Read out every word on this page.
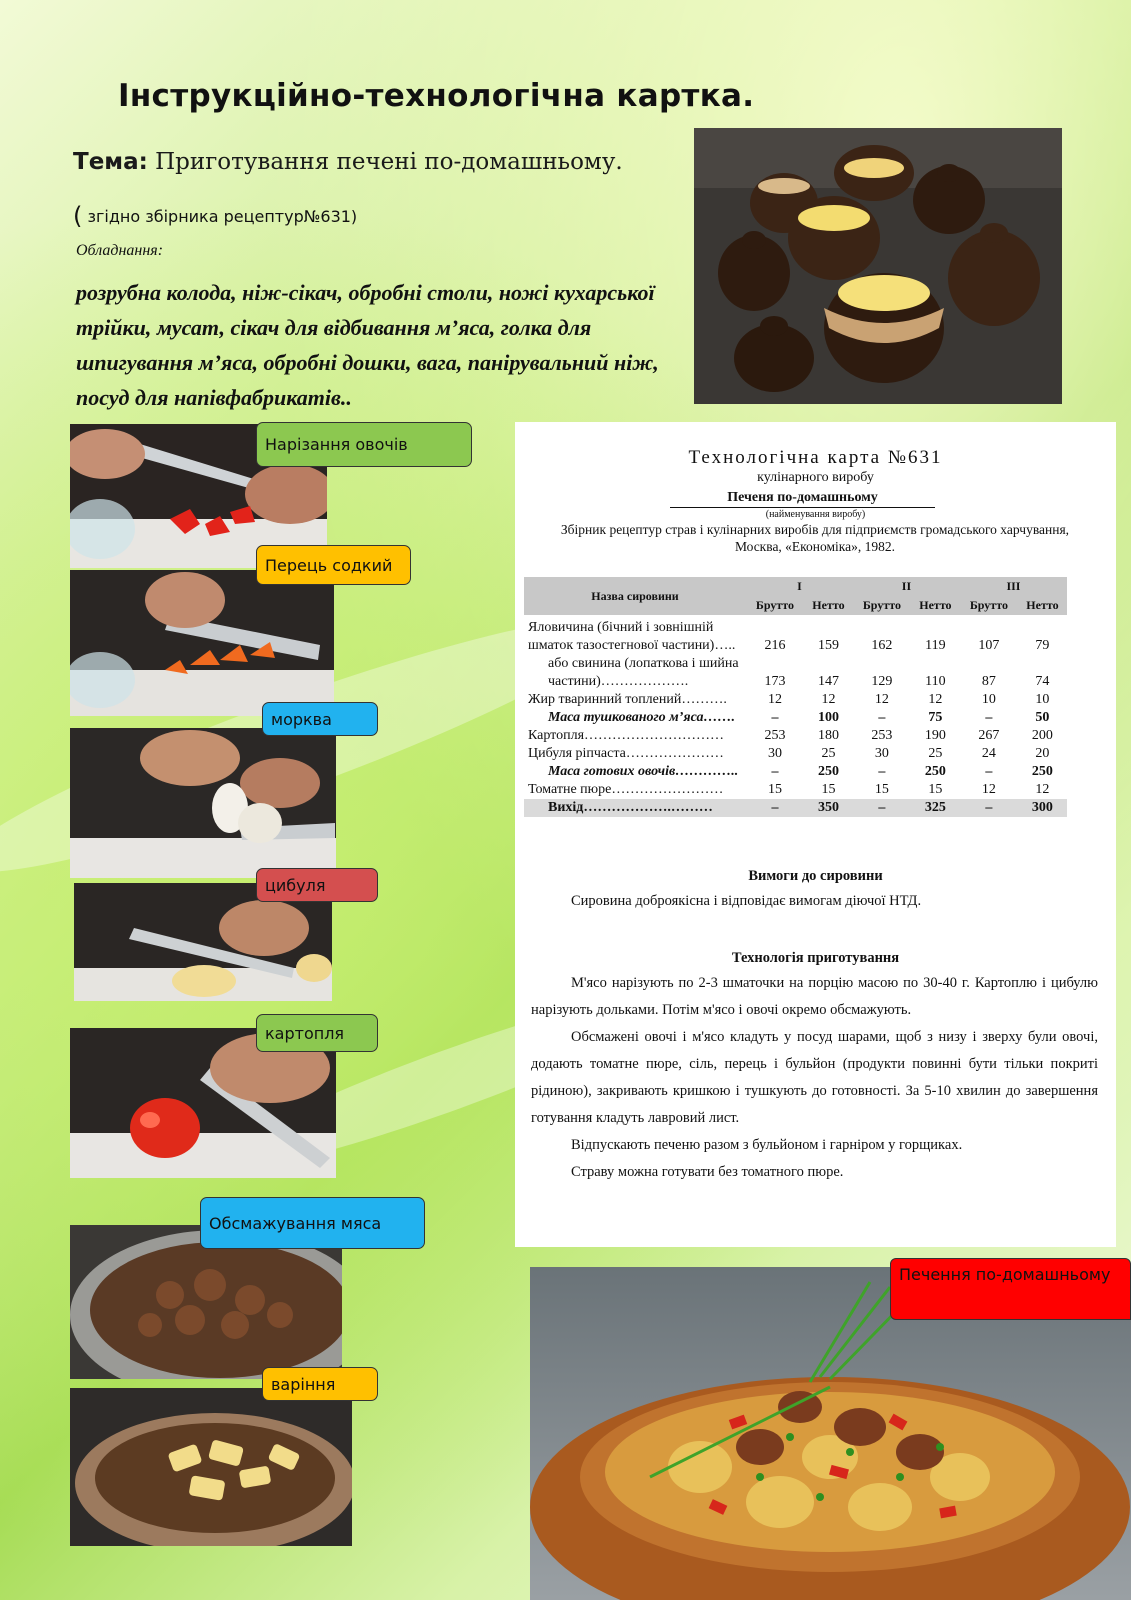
Інструкційно-технологічна картка.
Тема: Приготування печені по-домашньому.
( згідно збірника рецептур№631)
Обладнання:
розрубна колода, ніж-сікач, обробні столи, ножі кухарської трійки, мусат, сікач для відбивання м’яса, голка для шпигування м’яса, обробні дошки, вага, панірувальний ніж, посуд для напівфабрикатів..
Нарізання овочів
Перець содкий
морква
цибуля
картопля
Обсмажування мяса
варіння
Технологічна карта №631
кулінарного виробу
Печеня по-домашньому
(найменування виробу)
Збірник рецептур страв і кулінарних виробів для підприємств громадського харчування,
Москва, «Економіка», 1982.
Назва сировини	I		II		III	
	Брутто	Нетто	Брутто	Нетто	Брутто	Нетто
Яловичина (бічний і зовнішній шматок тазостегнової частини)…..	216	159	162	119	107	79
або свинина (лопаткова і шийна частини)……………….	173	147	129	110	87	74
Жир тваринний топлений……….	12	12	12	12	10	10
Маса тушкованого м’яса…….	–	100	–	75	–	50
Картопля…………………………	253	180	253	190	267	200
Цибуля ріпчаста…………………	30	25	30	25	24	20
Маса готових овочів…………..	–	250	–	250	–	250
Томатне пюре……………………	15	15	15	15	12	12
Вихід……………….………	–	350	–	325	–	300
Вимоги до сировини
Сировина доброякісна і відповідає вимогам діючої НТД.
Технологія приготування
М'ясо нарізують по 2-3 шматочки на порцію масою по 30-40 г. Картоплю і цибулю нарізують дольками. Потім м'ясо і овочі окремо обсмажують.
Обсмажені овочі і м'ясо кладуть у посуд шарами, щоб з низу і зверху були овочі, додають томатне пюре, сіль, перець і бульйон (продукти повинні бути тільки покриті рідиною), закривають кришкою і тушкують до готовності. За 5-10 хвилин до завершення готування кладуть лавровий лист.
Відпускають печеню разом з бульйоном і гарніром у горщиках.
Страву можна готувати без томатного пюре.
Печення по-домашньому
